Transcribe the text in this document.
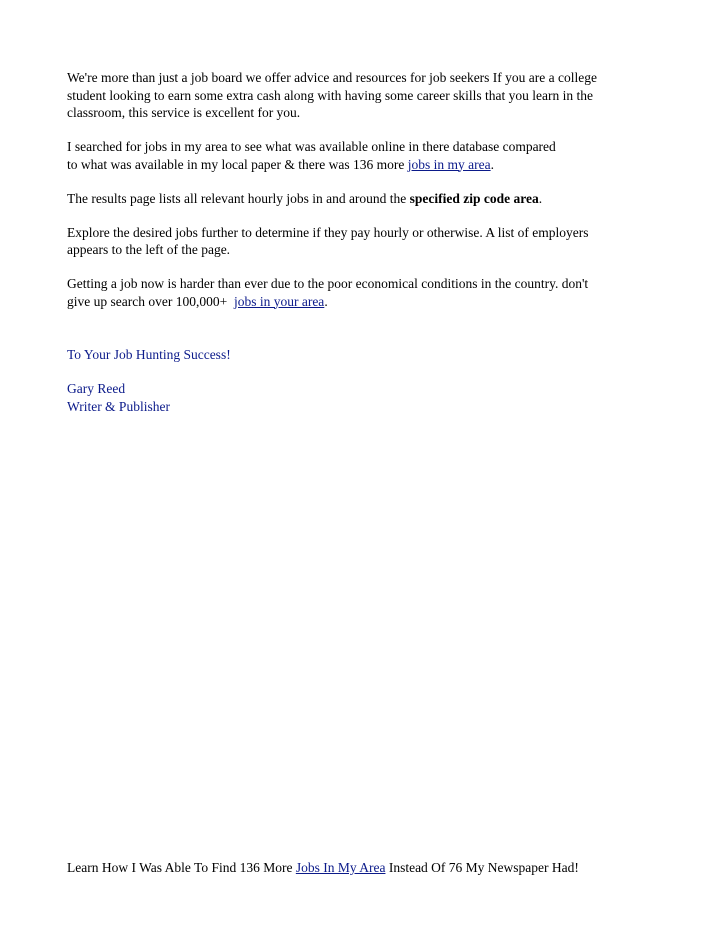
We're more than just a job board we offer advice and resources for job seekers If you are a college
student looking to earn some extra cash along with having some career skills that you learn in the
classroom, this service is excellent for you.

I searched for jobs in my area to see what was available online in there database compared
to what was available in my local paper & there was 136 more jobs in my area.

The results page lists all relevant hourly jobs in and around the specified zip code area.

Explore the desired jobs further to determine if they pay hourly or otherwise. A list of employers
appears to the left of the page.

Getting a job now is harder than ever due to the poor economical conditions in the country. don't
give up search over 100,000+  jobs in your area.

To Your Job Hunting Success!

Gary Reed
Writer & Publisher
Learn How I Was Able To Find 136 More Jobs In My Area Instead Of 76 My Newspaper Had!
